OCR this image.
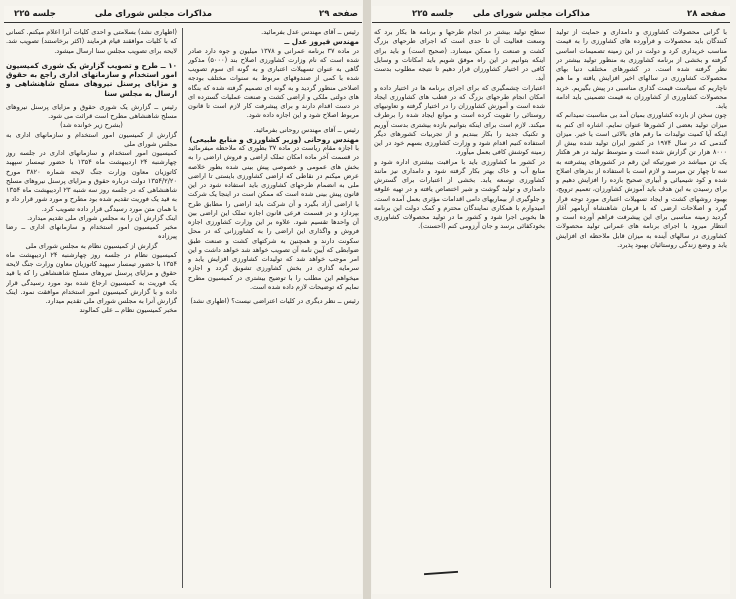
صفحه ۲۹
مذاکرات مجلس شورای ملی
جلسه ۲۲۵

(اظهاری نشد) بسلامتی و احدی کلیات آنرا اعلام میکنم. کسانی که با کلیات موافقند قیام فرمایند (اکثر برخاستند) تصویب شد. لایحه برای تصویب مجلس سنا ارسال میشود.

۱۰ ــ طرح و تصویب گزارش یک شوری کمیسیون امور استخدام و سازمانهای اداری راجع به حقوق و مزایای پرسنل نیروهای مسلح شاهنشاهی و ارسال به مجلس سنا

رئیس ــ گزارش یک شوری حقوق و مزایای پرسنل نیروهای مسلح شاهنشاهی مطرح است قرائت می شود.

(بشرح زیر خوانده شد)

گزارش از کمیسیون امور استخدام و سازمانهای اداری به مجلس شورای ملی

کمیسیون امور استخدام و سازمانهای اداری در جلسه روز چهارشنبه ۲۴ اردیبهشت ماه ۱۳۵۴ با حضور تیمسار سپهبد کاتوزیان معاون وزارت جنگ لایحه شماره ۳۸۲۰ مورخ ۱۳۵۴/۲/۲۰ دولت درباره حقوق و مزایای پرسنل نیروهای مسلح شاهنشاهی که در جلسه روز سه شنبه ۲۳ اردیبهشت ماه ۱۳۵۴ به قید یک فوریت تقدیم شده بود مطرح و مورد شور قرار داد و با همان متن مورد رسیدگی قرار داده تصویب کرد.

اینک گزارش آن را به مجلس شورای ملی تقدیم میدارد.

مخبر کمیسیون امور استخدام و سازمانهای اداری ــ رضا پیرزاده

گزارش از کمیسیون نظام به مجلس شورای ملی

کمیسیون نظام در جلسه روز چهارشنبه ۲۴ اردیبهشت ماه ۱۳۵۴ با حضور تیمسار سپهبد کاتوزیان معاون وزارت جنگ لایحه حقوق و مزایای پرسنل نیروهای مسلح شاهنشاهی را که با قید یک فوریت به کمیسیون ارجاع شده بود مورد رسیدگی قرار داده و با گزارش کمیسیون امور استخدام موافقت نمود. اینک گزارش آنرا به مجلس شورای ملی تقدیم میدارد.

مخبر کمیسیون نظام ــ علی کمالوند

رئیس ــ آقای مهندس عدل بفرمائید.

مهندس فیروز عدل ــ

در ماده ۳۷ برنامه عمرانی و ۱۳۷۸ میلیون و جوه دارد صادر شده است که نام وزارت کشاورزی اصلاح بند (۵۰۰۰) مذکور گاهی به عنوان تسهیلات اعتباری و به گونه ای سوم تصویب شده با کمی از صندوقهای مربوط به سنوات مختلف بودجه اصلاحی منظور گردید و به گونه ای تصمیم گرفته شده که بنگاه های دولتی ملکی و اراضی کشت و صنعت عملیات گسترده ای در دست اقدام دارند و برای پیشرفت کار لازم است تا قانون مربوط اصلاح شود و این اجازه داده شود.

رئیس ــ آقای مهندس روحانی بفرمائید.

مهندس روحانی (وزیر کشاورزی و منابع طبیعی)

با اجازه مقام ریاست در ماده ۳۷ بطوری که ملاحظه میفرمائید در قسمت آخر ماده امکان تملک اراضی و فروش اراضی را به بخش های عمومی و خصوصی پیش بینی شده بطور خلاصه عرض میکنم در نقاطی که اراضی کشاورزی بایستی تا اراضی ملی به انضمام طرحهای کشاورزی باید استفاده شود در این قانون پیش بینی شده است که ممکن است در اینجا یک شرکت یا اراضی آزاد بگیرد و آن شرکت باید اراضی را مطابق طرح بپردازد و در قسمت فرعی قانون اجازه تملک این اراضی بین آن واحدها تقسیم شود. علاوه بر این وزارت کشاورزی اجازه فروش و واگذاری این اراضی را به کشاورزانی که در محل سکونت دارند و همچنین به شرکتهای کشت و صنعت طبق ضوابطی که آیین نامه آن تصویب خواهد شد خواهد داشت و این امر موجب خواهد شد که تولیدات کشاورزی افزایش یابد و سرمایه گذاری در بخش کشاورزی تشویق گردد و اجازه میخواهم این مطلب را با توضیح بیشتری در کمیسیون مطرح نمایم که توضیحات لازم داده شده است.

رئیس ــ نظر دیگری در کلیات اعتراضی نیست؟ (اظهاری نشد)

صفحه ۲۸
مذاکرات مجلس شورای ملی
جلسه ۲۲۵

سطح تولید بیشتر در انجام طرحها و برنامه ها بکار برد که وسعت فعالیت آن تا حدی است که اجرای طرحهای بزرگ کشت و صنعت را ممکن میسازد. (صحیح است) و باید برای اینکه بتوانیم در این راه موفق شویم باید امکانات و وسایل کافی در اختیار کشاورزان قرار دهیم تا نتیجه مطلوب بدست آید.

اعتبارات چشمگیری که برای اجرای برنامه ها در اختیار داده و امکان انجام طرحهای بزرگ که در قطب های کشاورزی ایجاد شده است و آموزش کشاورزان را در اختیار گرفته و تعاونیهای روستائی را تقویت کرده است و موانع ایجاد شده را برطرف میکند. لازم است برای اینکه بتوانیم بازده بیشتری بدست آوریم و تکنیک جدید را بکار ببندیم و از تجربیات کشورهای دیگر استفاده کنیم اقدام شود و وزارت کشاورزی بسهم خود در این زمینه کوشش کافی بعمل میآورد.

در کشور ما کشاورزی باید با مراقبت بیشتری اداره شود و منابع آب و خاک بهتر بکار گرفته شود و دامداری نیز مانند کشاورزی توسعه یابد. بخشی از اعتبارات برای گسترش دامداری و تولید گوشت و شیر اختصاص یافته و در تهیه علوفه و جلوگیری از بیماریهای دامی اقدامات مؤثری بعمل آمده است. امیدوارم با همکاری نمایندگان محترم و کمک دولت این برنامه ها بخوبی اجرا شود و کشور ما در تولید محصولات کشاورزی بخودکفائی برسد و جان آرزومی کنم (احسنت).

با گرانی محصولات کشاورزی و دامداری و حمایت از تولید کنندگان باید محصولات و فرآورده های کشاورزی را به قیمت مناسب خریداری کرد و دولت در این زمینه تصمیمات اساسی گرفته و بخشی از برنامه کشاورزی به منظور تولید بیشتر در نظر گرفته شده است. در کشورهای مختلف دنیا بهای محصولات کشاورزی در سالهای اخیر افزایش یافته و ما هم ناچاریم که سیاست قیمت گذاری مناسبی در پیش بگیریم. خرید محصولات کشاورزی از کشاورزان به قیمت تضمینی باید ادامه یابد.

چون سخن از بازده کشاورزی بمیان آمد بی مناسبت نمیدانم که میزان تولید بعضی از کشورها عنوان نمایم. اشاره ای کنم به اینکه آیا کمیت تولیدات ما رقم های بالائی است یا خیر. میزان گندمی که در سال ۱۹۷۴ در کشور ایران تولید شده بیش از ۸۰۰۰ هزار تن گزارش شده است و متوسط تولید در هر هکتار یک تن میباشد در صورتیکه این رقم در کشورهای پیشرفته به سه تا چهار تن میرسد و لازم است با استفاده از بذرهای اصلاح شده و کود شیمیائی و آبیاری صحیح بازده را افزایش دهیم و برای رسیدن به این هدف باید آموزش کشاورزان، تعمیم ترویج، بهبود روشهای کشت و ایجاد تسهیلات اعتباری مورد توجه قرار گیرد و اصلاحات ارضی که با فرمان شاهنشاه آریامهر آغاز گردید زمینه مناسبی برای این پیشرفت فراهم آورده است و انتظار میرود با اجرای برنامه های عمرانی تولید محصولات کشاورزی در سالهای آینده به میزان قابل ملاحظه ای افزایش یابد و وضع زندگی روستائیان بهبود پذیرد.
